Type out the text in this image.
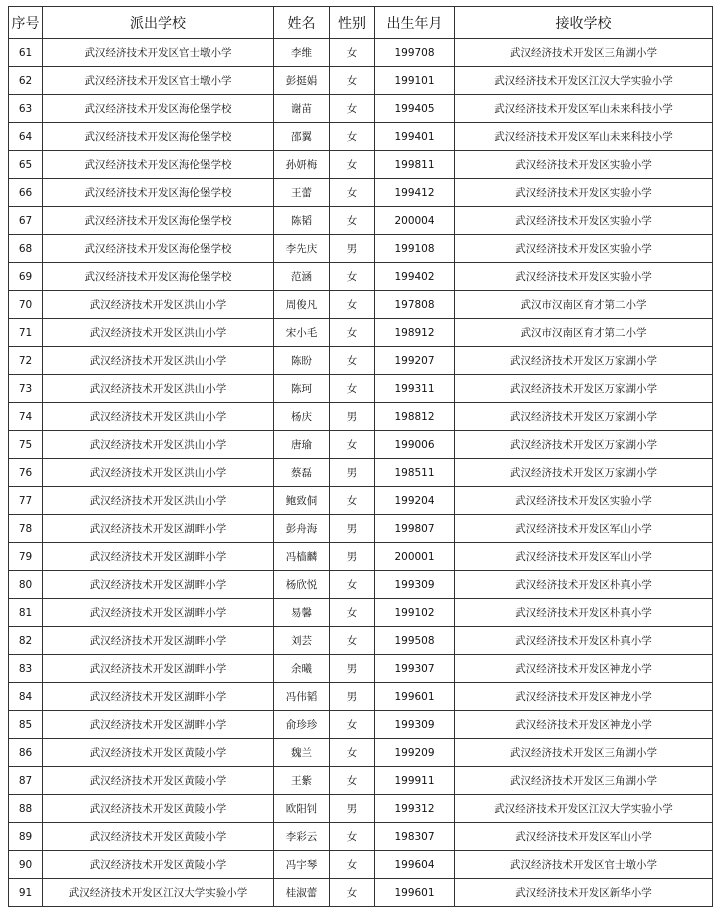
序号	派出学校	姓名	性别	出生年月	接收学校
61	武汉经济技术开发区官士墩小学	李维	女	199708	武汉经济技术开发区三角湖小学
62	武汉经济技术开发区官士墩小学	彭挺娟	女	199101	武汉经济技术开发区江汉大学实验小学
63	武汉经济技术开发区海伦堡学校	谢苗	女	199405	武汉经济技术开发区军山未来科技小学
64	武汉经济技术开发区海伦堡学校	邵翼	女	199401	武汉经济技术开发区军山未来科技小学
65	武汉经济技术开发区海伦堡学校	孙妍梅	女	199811	武汉经济技术开发区实验小学
66	武汉经济技术开发区海伦堡学校	王蕾	女	199412	武汉经济技术开发区实验小学
67	武汉经济技术开发区海伦堡学校	陈韬	女	200004	武汉经济技术开发区实验小学
68	武汉经济技术开发区海伦堡学校	李先庆	男	199108	武汉经济技术开发区实验小学
69	武汉经济技术开发区海伦堡学校	范涵	女	199402	武汉经济技术开发区实验小学
70	武汉经济技术开发区洪山小学	周俊凡	女	197808	武汉市汉南区育才第二小学
71	武汉经济技术开发区洪山小学	宋小毛	女	198912	武汉市汉南区育才第二小学
72	武汉经济技术开发区洪山小学	陈盼	女	199207	武汉经济技术开发区万家湖小学
73	武汉经济技术开发区洪山小学	陈珂	女	199311	武汉经济技术开发区万家湖小学
74	武汉经济技术开发区洪山小学	杨庆	男	198812	武汉经济技术开发区万家湖小学
75	武汉经济技术开发区洪山小学	唐瑜	女	199006	武汉经济技术开发区万家湖小学
76	武汉经济技术开发区洪山小学	蔡磊	男	198511	武汉经济技术开发区万家湖小学
77	武汉经济技术开发区洪山小学	鲍致侗	女	199204	武汉经济技术开发区实验小学
78	武汉经济技术开发区湖畔小学	彭舟海	男	199807	武汉经济技术开发区军山小学
79	武汉经济技术开发区湖畔小学	冯樯麟	男	200001	武汉经济技术开发区军山小学
80	武汉经济技术开发区湖畔小学	杨欣悦	女	199309	武汉经济技术开发区朴真小学
81	武汉经济技术开发区湖畔小学	易馨	女	199102	武汉经济技术开发区朴真小学
82	武汉经济技术开发区湖畔小学	刘芸	女	199508	武汉经济技术开发区朴真小学
83	武汉经济技术开发区湖畔小学	余曦	男	199307	武汉经济技术开发区神龙小学
84	武汉经济技术开发区湖畔小学	冯伟韬	男	199601	武汉经济技术开发区神龙小学
85	武汉经济技术开发区湖畔小学	俞珍珍	女	199309	武汉经济技术开发区神龙小学
86	武汉经济技术开发区黄陵小学	魏兰	女	199209	武汉经济技术开发区三角湖小学
87	武汉经济技术开发区黄陵小学	王紫	女	199911	武汉经济技术开发区三角湖小学
88	武汉经济技术开发区黄陵小学	欧阳钊	男	199312	武汉经济技术开发区江汉大学实验小学
89	武汉经济技术开发区黄陵小学	李彩云	女	198307	武汉经济技术开发区军山小学
90	武汉经济技术开发区黄陵小学	冯宇琴	女	199604	武汉经济技术开发区官士墩小学
91	武汉经济技术开发区江汉大学实验小学	桂淑蕾	女	199601	武汉经济技术开发区新华小学
